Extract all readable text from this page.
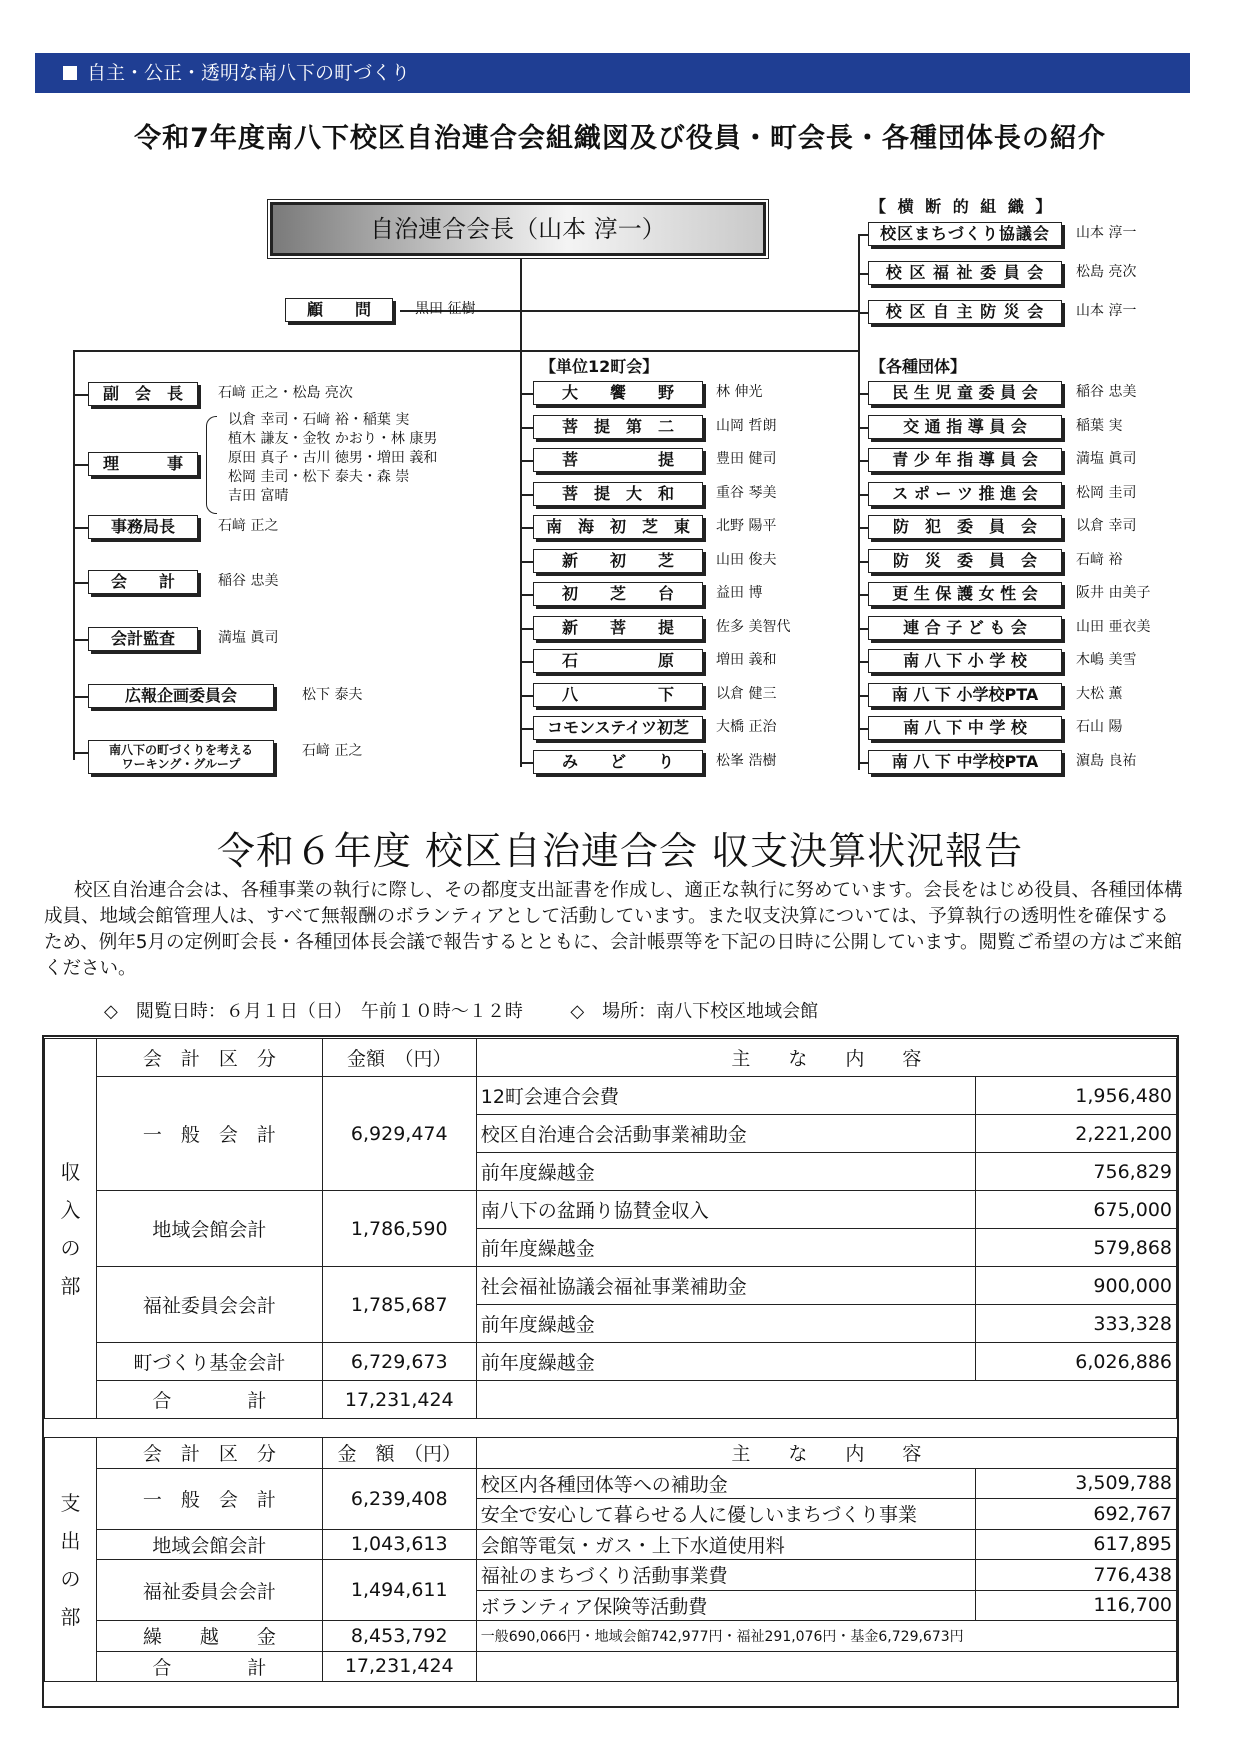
自主・公正・透明な南八下の町づくり
令和7年度南八下校区自治連合会組織図及び役員・町会長・各種団体長の紹介
自治連合会長（山本 淳一）
顧　　問	黒田 征樹
【 横 断 的 組 織 】
校区まちづくり協議会	山本 淳一
校 区 福 祉 委 員 会	松島 亮次
校 区 自 主 防 災 会	山本 淳一
副　会　長	石﨑 正之・松島 亮次
理　　　事
以倉 幸司・石﨑 裕・稲葉 実
植木 謙友・金牧 かおり・林 康男
原田 真子・古川 徳男・増田 義和
松岡 圭司・松下 泰夫・森 崇
吉田 富晴
事務局長	石﨑 正之
会　　計	稲谷 忠美
会計監査	満塩 眞司
広報企画委員会	松下 泰夫
南八下の町づくりを考える
ワーキング・グループ
石﨑 正之
【単位12町会】
大　　饗　　野	林 伸光
菩　提　第　二	山岡 哲朗
菩　　　　　提	豊田 健司
菩　提　大　和	重谷 琴美
南　海　初　芝　東	北野 陽平
新　　初　　芝	山田 俊夫
初　　芝　　台	益田 博
新　　菩　　提	佐多 美智代
石　　　　　原	増田 義和
八　　　　　下	以倉 健三
コモンステイツ初芝	大橋 正治
み　　ど　　り	松峯 浩樹
【各種団体】
民 生 児 童 委 員 会	稲谷 忠美
交 通 指 導 員 会	稲葉 実
青 少 年 指 導 員 会	満塩 眞司
ス ポ ー ツ 推 進 会	松岡 圭司
防　犯　委　員　会	以倉 幸司
防　災　委　員　会	石﨑 裕
更 生 保 護 女 性 会	阪井 由美子
連 合 子 ど も 会	山田 亜衣美
南 八 下 小 学 校	木嶋 美雪
南 八 下 小学校PTA	大松 薫
南 八 下 中 学 校	石山 陽
南 八 下 中学校PTA	濵島 良祐
令和６年度 校区自治連合会 収支決算状況報告

校区自治連合会は、各種事業の執行に際し、その都度支出証書を作成し、適正な執行に努めています。会長をはじめ役員、各種団体構成員、地域会館管理人は、すべて無報酬のボランティアとして活動しています。また収支決算については、予算執行の透明性を確保するため、例年5月の定例町会長・各種団体長会議で報告するとともに、会計帳票等を下記の日時に公開しています。閲覧ご希望の方はご来館ください。

◇　閲覧日時：６月１日（日）　午前１０時～１２時	◇　場所：南八下校区地域会館
収
入
の
部	会　計　区　分	金額　（円）	主　　な　　内　　容	
	一　般　会　計	6,929,474	12町会連合会費	1,956,480
			校区自治連合会活動事業補助金	2,221,200
			前年度繰越金	756,829
	地域会館会計	1,786,590	南八下の盆踊り協賛金収入	675,000
			前年度繰越金	579,868
	福祉委員会会計	1,785,687	社会福祉協議会福祉事業補助金	900,000
			前年度繰越金	333,328
	町づくり基金会計	6,729,673	前年度繰越金	6,026,886
	合　　　　計	17,231,424		
支
出
の
部	会　計　区　分	金　額　（円）	主　　な　　内　　容	
	一　般　会　計	6,239,408	校区内各種団体等への補助金	3,509,788
			安全で安心して暮らせる人に優しいまちづくり事業	692,767
	地域会館会計	1,043,613	会館等電気・ガス・上下水道使用料	617,895
	福祉委員会会計	1,494,611	福祉のまちづくり活動事業費	776,438
			ボランティア保険等活動費	116,700
	繰　　越　　金	8,453,792	一般690,066円・地域会館742,977円・福祉291,076円・基金6,729,673円	
	合　　　　計	17,231,424		
